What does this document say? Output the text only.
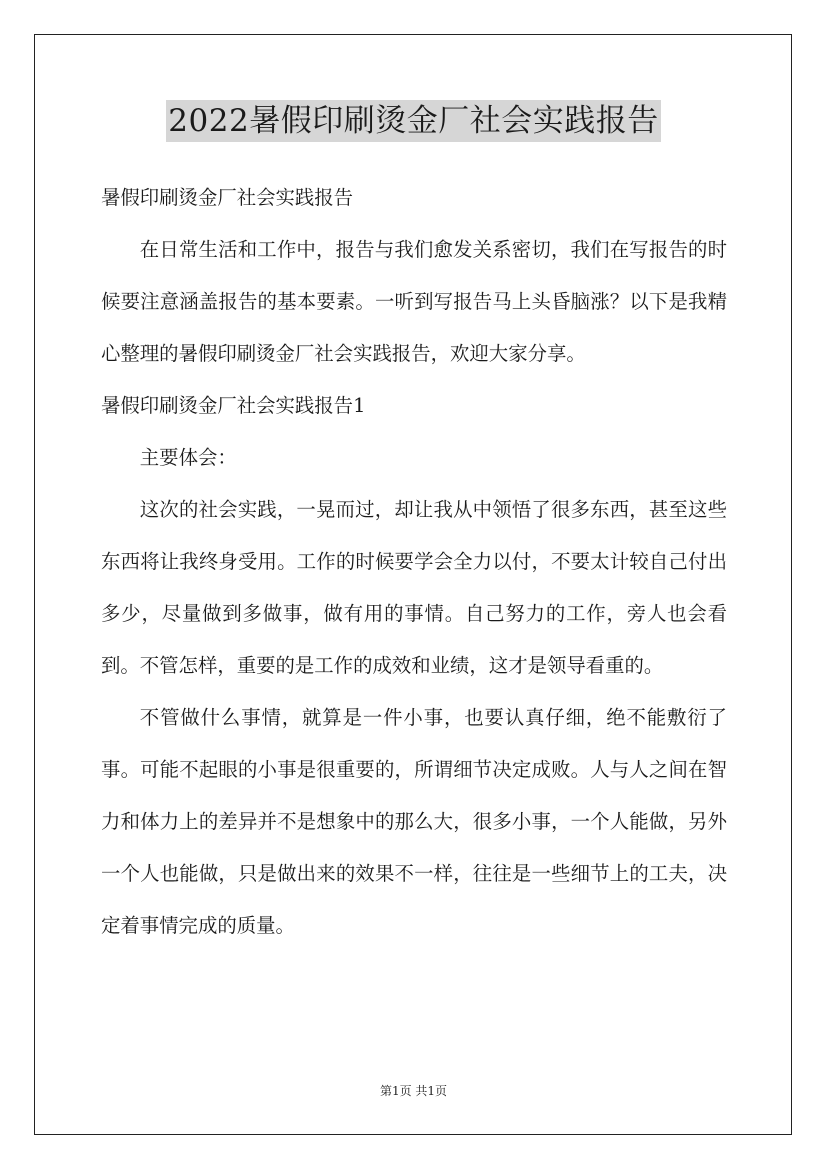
2022暑假印刷烫金厂社会实践报告

暑假印刷烫金厂社会实践报告

在日常生活和工作中，报告与我们愈发关系密切，我们在写报告的时候要注意涵盖报告的基本要素。一听到写报告马上头昏脑涨？以下是我精心整理的暑假印刷烫金厂社会实践报告，欢迎大家分享。

暑假印刷烫金厂社会实践报告1

主要体会：

这次的社会实践，一晃而过，却让我从中领悟了很多东西，甚至这些东西将让我终身受用。工作的时候要学会全力以付，不要太计较自己付出多少，尽量做到多做事，做有用的事情。自己努力的工作，旁人也会看到。不管怎样，重要的是工作的成效和业绩，这才是领导看重的。

不管做什么事情，就算是一件小事，也要认真仔细，绝不能敷衍了事。可能不起眼的小事是很重要的，所谓细节决定成败。人与人之间在智力和体力上的差异并不是想象中的那么大，很多小事，一个人能做，另外一个人也能做，只是做出来的效果不一样，往往是一些细节上的工夫，决定着事情完成的质量。

第1页 共1页
